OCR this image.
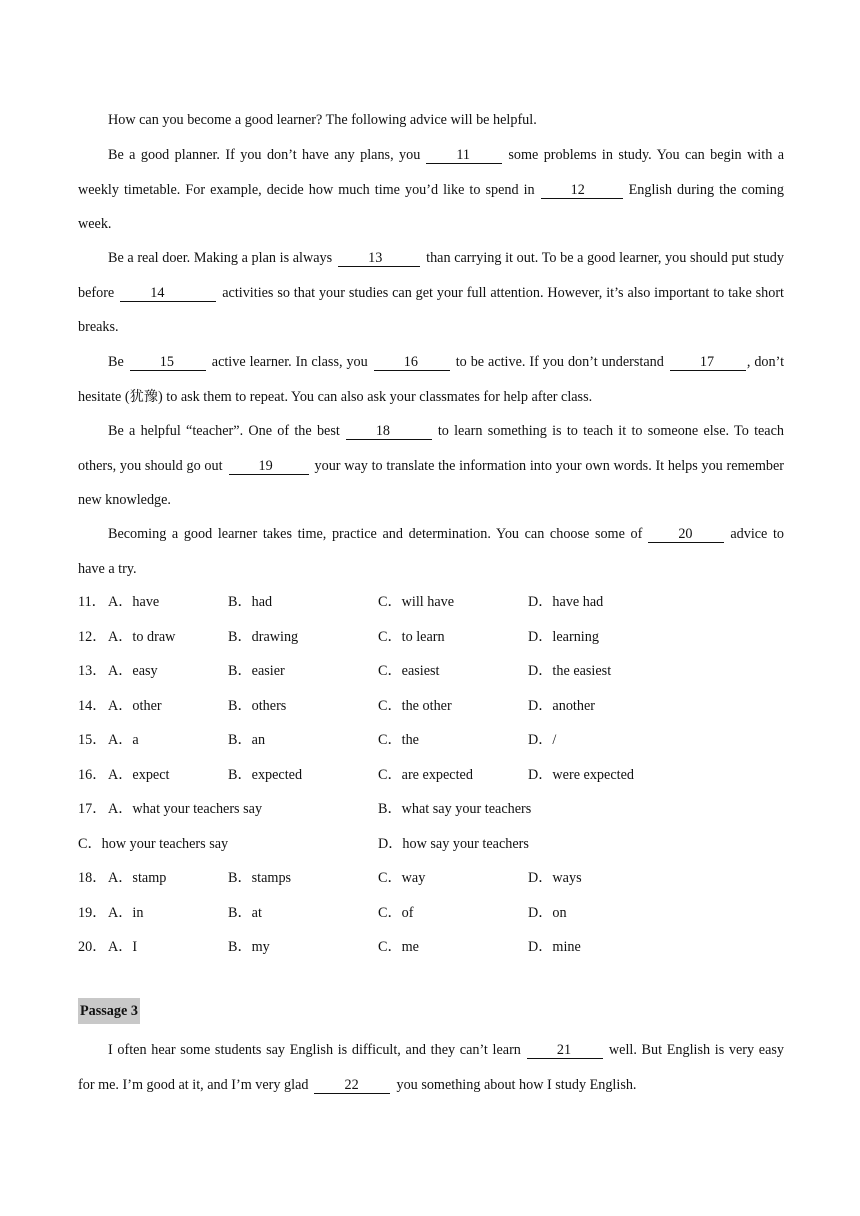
How can you become a good learner? The following advice will be helpful.

Be a good planner. If you don’t have any plans, you	11	some problems in study. You can begin with a weekly timetable. For example, decide how much time you’d like to spend in	12	English during the coming week.

Be a real doer. Making a plan is always	13	than carrying it out. To be a good learner, you should put study before	14	activities so that your studies can get your full attention. However, it’s also important to take short breaks.

Be	15	active learner. In class, you	16	to be active. If you don’t understand	17 , don’t hesitate (犹豫) to ask them to repeat. You can also ask your classmates for help after class.

Be a helpful “teacher”. One of the best	18	to learn something is to teach it to someone else. To teach others, you should go out	19	your way to translate the information into your own words. It helps you remember new knowledge.

Becoming a good learner takes time, practice and determination. You can choose some of	20	advice to have a try.

11． A．have	B．had	C．will have	D．have had
12． A．to draw	B．drawing	C．to learn	D．learning
13． A．easy	B．easier	C．easiest	D．the easiest
14． A．other	B．others	C．the other	D．another
15． A．a	B．an	C．the	D．/
16． A．expect	B．expected	C．are expected	D．were expected
17． A．what your teachers say	B．what say your teachers
C．how your teachers say	D．how say your teachers
18． A．stamp	B．stamps	C．way	D．ways
19． A．in	B．at	C．of	D．on
20． A．I	B．my	C．me	D．mine
Passage 3

I often hear some students say English is difficult, and they can’t learn	21	well. But English is very easy for me. I’m good at it, and I’m very glad	22	you something about how I study English.
